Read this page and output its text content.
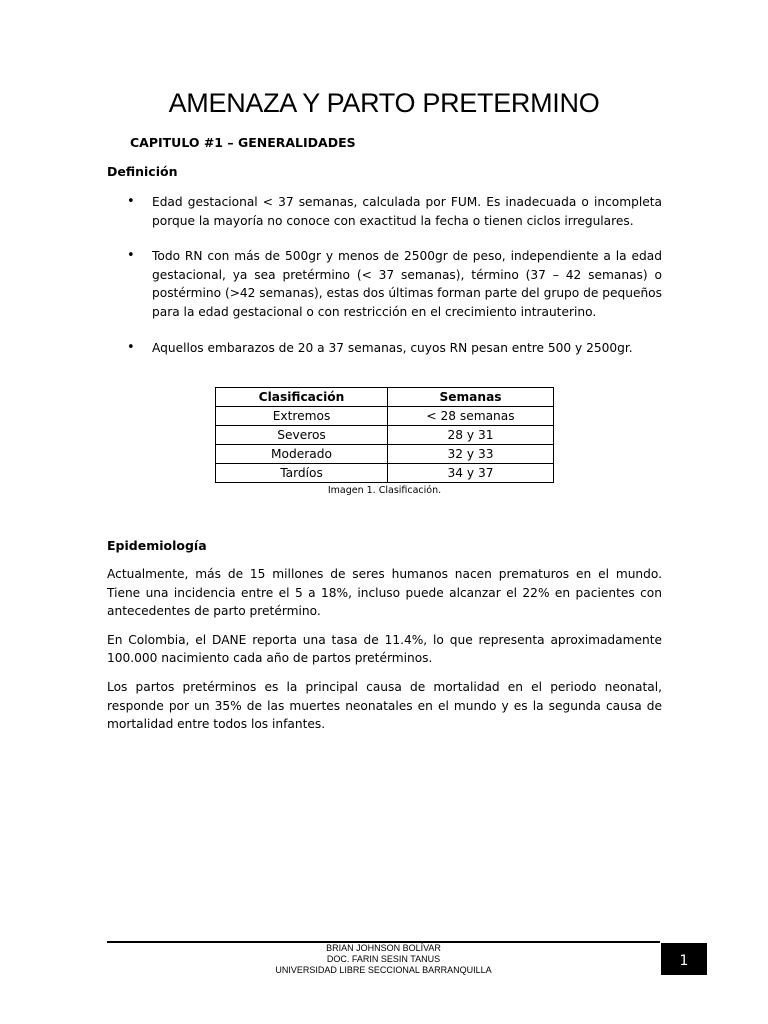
AMENAZA Y PARTO PRETERMINO
CAPITULO #1 – GENERALIDADES
Definición
• Edad gestacional < 37 semanas, calculada por FUM. Es inadecuada o incompleta porque la mayoría no conoce con exactitud la fecha o tienen ciclos irregulares.
• Todo RN con más de 500gr y menos de 2500gr de peso, independiente a la edad gestacional, ya sea pretérmino (< 37 semanas), término (37 – 42 semanas) o postérmino (>42 semanas), estas dos últimas forman parte del grupo de pequeños para la edad gestacional o con restricción en el crecimiento intrauterino.
• Aquellos embarazos de 20 a 37 semanas, cuyos RN pesan entre 500 y 2500gr.
Clasificación	Semanas
Extremos	< 28 semanas
Severos	28 y 31
Moderado	32 y 33
Tardíos	34 y 37
Imagen 1. Clasificación.
Epidemiología

Actualmente, más de 15 millones de seres humanos nacen prematuros en el mundo. Tiene una incidencia entre el 5 a 18%, incluso puede alcanzar el 22% en pacientes con antecedentes de parto pretérmino.

En Colombia, el DANE reporta una tasa de 11.4%, lo que representa aproximadamente 100.000 nacimiento cada año de partos pretérminos.

Los partos pretérminos es la principal causa de mortalidad en el periodo neonatal, responde por un 35% de las muertes neonatales en el mundo y es la segunda causa de mortalidad entre todos los infantes.

BRIAN JOHNSON BOLÍVAR
DOC. FARIN SESIN TANUS
UNIVERSIDAD LIBRE SECCIONAL BARRANQUILLA
1
